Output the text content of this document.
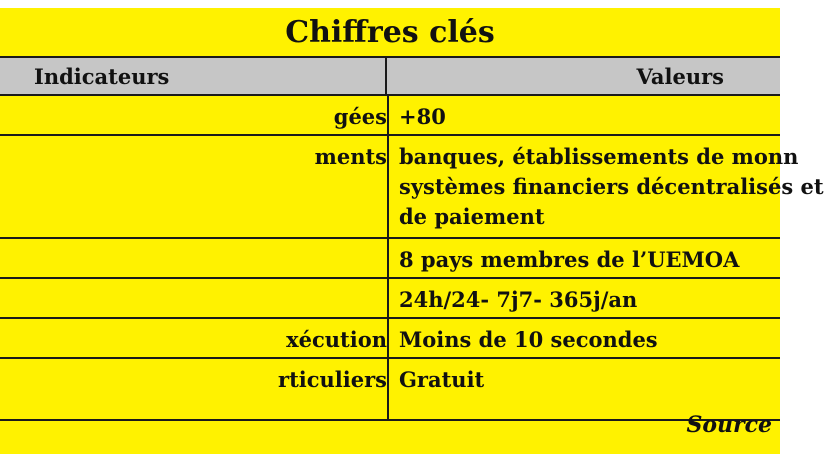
Chiffres clés
Indicateurs	Valeurs
gées +80
ments banques, établissements de monn
systèmes financiers décentralisés et
de paiement
8 pays membres de l’UEMOA
24h/24- 7j7- 365j/an
xécution Moins de 10 secondes
rticuliers Gratuit
Source
